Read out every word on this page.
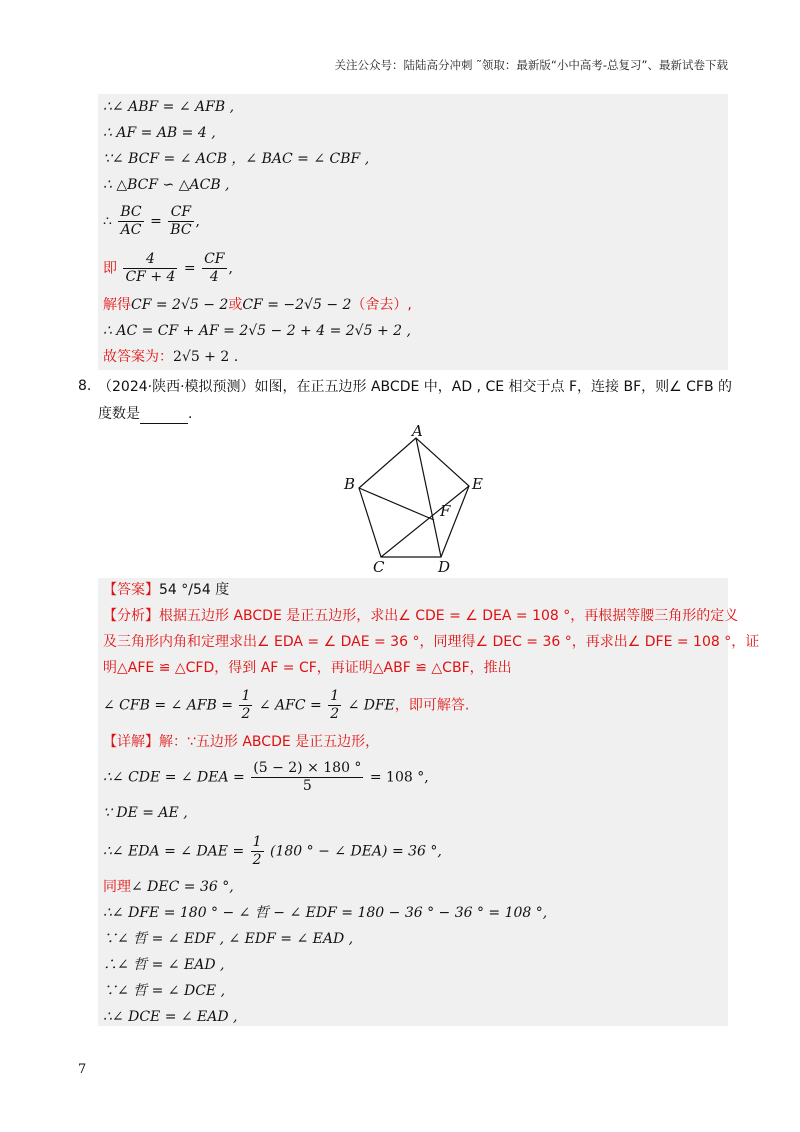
关注公众号：陆陆高分冲刺 ˜领取：最新版“小中高考-总复习”、最新试卷下载
∴∠ ABF = ∠ AFB ,
∴ AF = AB = 4 ,
∵∠ BCF = ∠ ACB ，∠ BAC = ∠ CBF ,
∴ △BCF ∽ △ACB ,
∴ $\frac{BC}{AC} = \frac{CF}{BC}$ ,
即 $\frac{4}{CF + 4} = \frac{CF}{4}$ ,
解得CF = 2√5 − 2或CF = −2√5 − 2（舍去）,
∴ AC = CF + AF = 2√5 − 2 + 4 = 2√5 + 2 ,
故答案为：2√5 + 2 .
8. （2024·陕西·模拟预测）如图，在正五边形 ABCDE 中，AD , CE 相交于点 F，连接 BF，则∠ CFB 的
度数是	.
A
B
C	D
E
F
【答案】54 °/54 度
【分析】根据五边形 ABCDE 是正五边形，求出∠ CDE = ∠ DEA = 108 °，再根据等腰三角形的定义
及三角形内角和定理求出∠ EDA = ∠ DAE = 36 °，同理得∠ DEC = 36 °，再求出∠ DFE = 108 °，证
明△AFE ≌ △CFD，得到 AF = CF，再证明△ABF ≌ △CBF，推出
∠ CFB = ∠ AFB = $\frac{1}{2}$ ∠ AFC = $\frac{1}{2}$ ∠ DFE，即可解答.
【详解】解：∵五边形 ABCDE 是正五边形，
∴∠ CDE = ∠ DEA = $\frac{(5 - 2) \times 180 ^\circ}{5} = 108$ °,
∵ DE = AE ,
∴∠ EDA = ∠ DAE = $\frac{1}{2} (180$ ° − ∠ DEA) = 36 °,
同理∠ DEC = 36 °,
∴∠ DFE = 180 ° − ∠ 哲 − ∠ EDF = 180 − 36 ° − 36 ° = 108 °,
∵∠ 哲 = ∠ EDF , ∠ EDF = ∠ EAD ,
∴∠ 哲 = ∠ EAD ,
∵∠ 哲 = ∠ DCE ,
∴∠ DCE = ∠ EAD ,
7
